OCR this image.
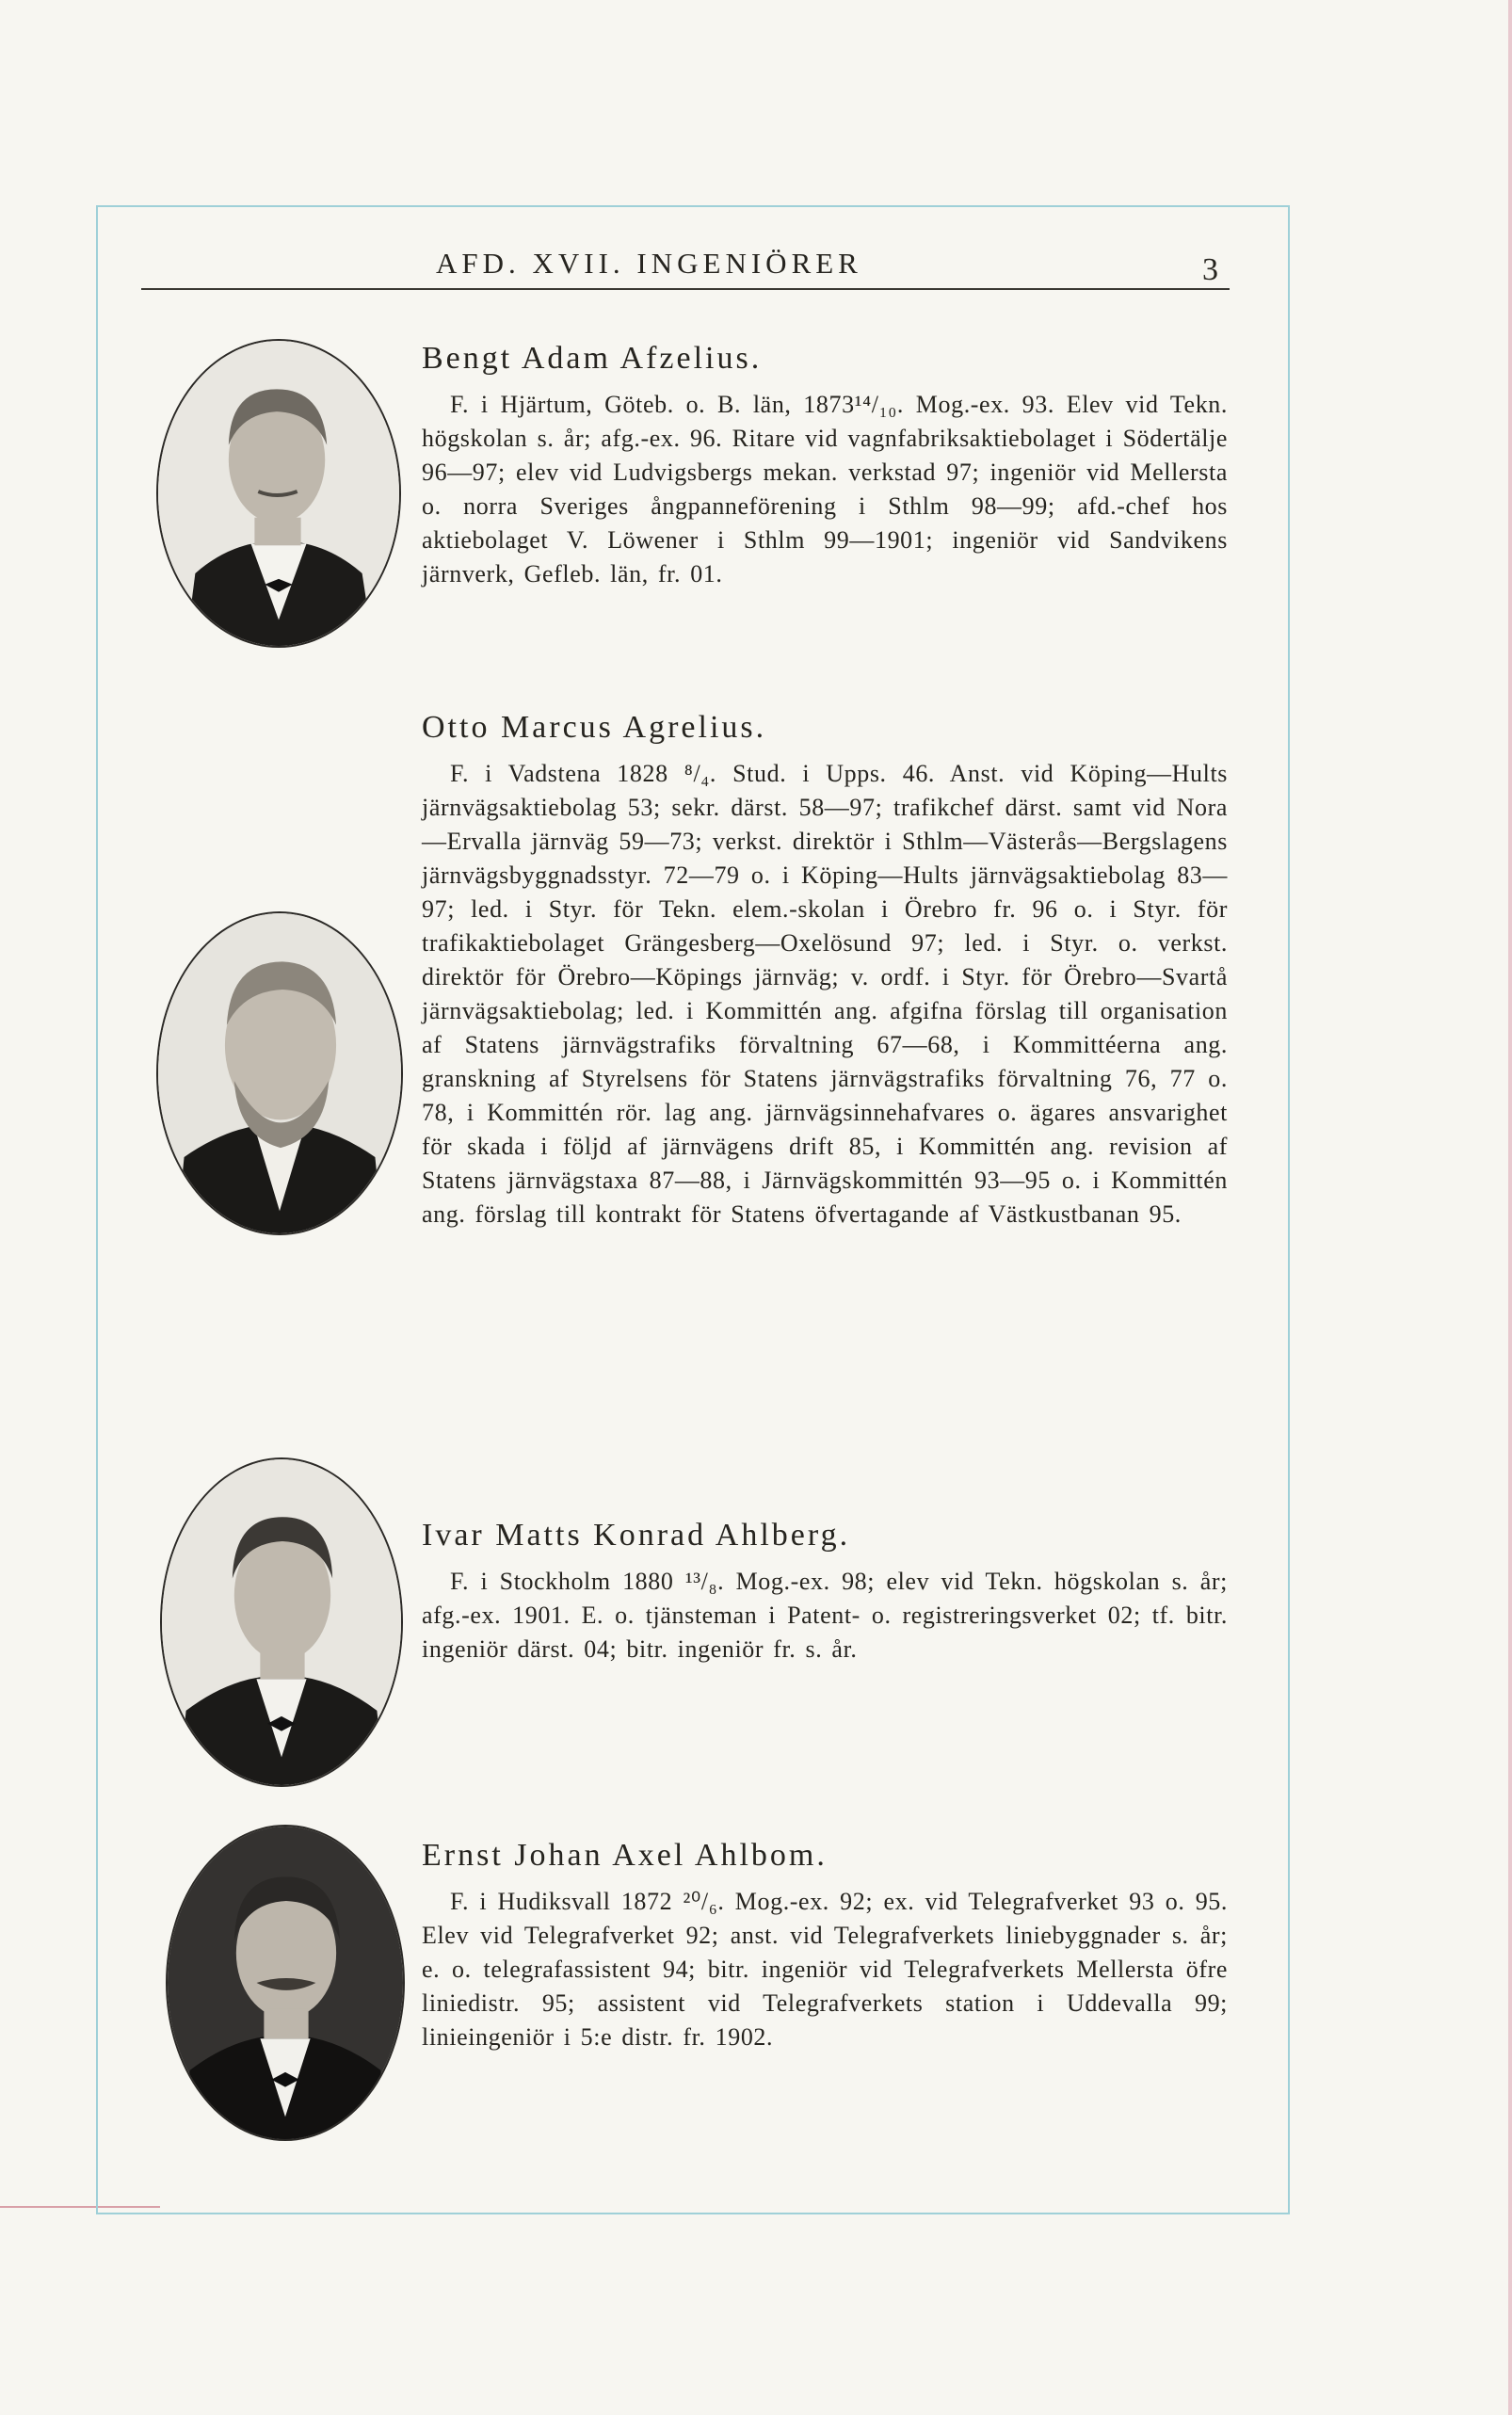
AFD. XVII. INGENIÖRER	3
Bengt Adam Afzelius.

F. i Hjärtum, Göteb. o. B. län, 1873¹⁴/₁₀. Mog.-ex. 93. Elev vid Tekn. högskolan s. år; afg.-ex. 96. Ritare vid vagnfabriksaktiebolaget i Södertälje 96—97; elev vid Ludvigsbergs mekan. verkstad 97; ingeniör vid Mellersta o. norra Sveriges ångpanneförening i Sthlm 98—99; afd.-chef hos aktiebolaget V. Löwener i Sthlm 99—1901; ingeniör vid Sandvikens järnverk, Gefleb. län, fr. 01.

Otto Marcus Agrelius.

F. i Vadstena 1828 ⁸/₄. Stud. i Upps. 46. Anst. vid Köping—Hults järnvägsaktiebolag 53; sekr. därst. 58—97; trafikchef därst. samt vid Nora—Ervalla järnväg 59—73; verkst. direktör i Sthlm—Västerås—Bergslagens järnvägsbyggnadsstyr. 72—79 o. i Köping—Hults järnvägsaktiebolag 83—97; led. i Styr. för Tekn. elem.-skolan i Örebro fr. 96 o. i Styr. för trafikaktiebolaget Grängesberg—Oxelösund 97; led. i Styr. o. verkst. direktör för Örebro—Köpings järnväg; v. ordf. i Styr. för Örebro—Svartå järnvägsaktiebolag; led. i Kommittén ang. afgifna förslag till organisation af Statens järnvägstrafiks förvaltning 67—68, i Kommittéerna ang. granskning af Styrelsens för Statens järnvägstrafiks förvaltning 76, 77 o. 78, i Kommittén rör. lag ang. järnvägsinnehafvares o. ägares ansvarighet för skada i följd af järnvägens drift 85, i Kommittén ang. revision af Statens järnvägstaxa 87—88, i Järnvägskommittén 93—95 o. i Kommittén ang. förslag till kontrakt för Statens öfvertagande af Västkustbanan 95.

Ivar Matts Konrad Ahlberg.

F. i Stockholm 1880 ¹³/₈. Mog.-ex. 98; elev vid Tekn. högskolan s. år; afg.-ex. 1901. E. o. tjänsteman i Patent- o. registreringsverket 02; tf. bitr. ingeniör därst. 04; bitr. ingeniör fr. s. år.

Ernst Johan Axel Ahlbom.

F. i Hudiksvall 1872 ²⁰/₆. Mog.-ex. 92; ex. vid Telegrafverket 93 o. 95. Elev vid Telegrafverket 92; anst. vid Telegrafverkets liniebyggnader s. år; e. o. telegrafassistent 94; bitr. ingeniör vid Telegrafverkets Mellersta öfre liniedistr. 95; assistent vid Telegrafverkets station i Uddevalla 99; linieingeniör i 5:e distr. fr. 1902.
